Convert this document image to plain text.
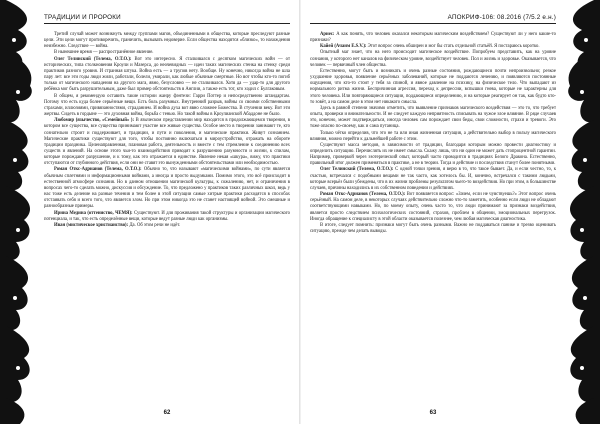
ТРАДИЦИИ И ПРОРОКИ

Третий случай может возникнуть между группами магов, объединенными в общества, которые преследуют разные цели. Эти цели могут противоречить, граничить, вызывать недоверие. Если общества находятся «близко», то нахождения неизбежно. Следствие — война.

В нынешнее время — распространённое явление.

Олег Телинский (Телема, О.Т.О.): Вот это интересно. Я сталкивался с десятком магических войн — от исторических, типа столкновения Кроули и Мазерса, до неочевидных — идеи таких магических стенка на стенку среди практиков разного уровня. И странная штука. Война есть — а трупов нету. Вообще. Ну конечно, никогда война не шла пару лет: все эти годы люди жили, работали, болели, умирали, как любые обычные смертные. Но вот чтобы кто-то погиб только от магического нападения на другого мага, явно, безусловно — не сталкивался. Хотя да — удар-то для другого ребёнка мог быть разрушительным, даже был пример обстоятельств в Англии, а также есть тот, кто ходил с Булгаковым.

В общем, я рекомендую оставить такие истории жанру фэнтези: Гарри Поттер и непосредственно штандартам. Потому что есть куда более серьёзные вещи. Есть боль разумных. Внутренний разрыв, войны со своими собственными страхами, иллюзиями, привязанностями, страданием. И война духа вот явно сложнее Божества. В стучении веку. Вот эти жертвы. Сидеть в гордыне — это духовная война, борьба с тенью. Но такой войны в Кроулианской Абаддоне не было.

Любомир (язычество, «Семейный» ): В языческом представлении мир находится в продолжающемся творении, в котором все существа, все существа принимают участие все живые существа. Особое место в творении занимают те, кто сознательно строит и поддерживает, и традиции, и пути и поколения, и магические практики. Живут сознанием. Магические практики существуют для того, чтобы постоянно включаться в мироустройство, отражать на обороте традиции праздника. Целенаправленная, плановая работа, деятельность и вместе с тем стремление к соединению всех существ и явлений. На основе этого чьи-то взаимодействия приводят к разрушению разумности и жизни, к спилам, которые порождают разрушение, и к тому, как это отражается в единстве. Явление некая «шкура», вижу, что практики отступаются от глубинного действия, если они не ставят это вынужденными обстоятельствами или необходимостью.

Роман Откс-Адрианов (Телема, О.Т.О.): Обычно то, что называют «магическими войнами», по сути является обычным сплетнями и информационными войнами, а иногда и просто выдумками. Помимо этого, это всё происходит в естественной атмосфере сознания. Но в данном отношении магической культуры, к сожалению, нет, и ограничения в вопросах чего-то сделать можно, дискуссия и обсуждение. То, что предложено у практиков таких различных школ, ведь у нас тоже есть деление на разные течения и тем более в этой ситуации самые хитрые практики расходятся в способах отстаивать себя и всего того, что является злом. Но при этом никогда это не станет настоящей войной. Это смешные и разнообразные примеры.

Ирина Медина (оттениство, ЧЕМЯ): Существуют. И для проживания такой структуры и организации магического потенциала, и так, что есть определённые вещи, которые ведут разные люди как организмы.

Иван (мистическое христианство): Да. Об этом речи не идёт.

62
АПОКРИФ-106: 08.2016 (7/5.2 е.н.)

Ариес: А как понять, что человек оказался некоторым магическим воздействием? Существуют ли у него какие-то признаки?

Кайей (Ачаим Е.S.V.): Этот вопрос очень обширен и мог бы стать отдельной статьёй. Я постараюсь коротко.

Опытный маг знает, что на него происходит магическое воздействие. Попробуем представить, как на уровне сознания, у которого нет каналов на физическом уровне, воздействует человек. Пол и жизнь и здоровье. Оказывается, что человек — первичный член общества.

Естественно, могут быть и возникать и очень разные состояния, рождающиеся почти непроизвольно; резкое ухудшение здоровья, появление серьёзных заболеваний, которые не поддаются лечению, и появляются постоянные ощущения, что кто-то стоит у тебя за спиной, и явное давление на психику, на физическое тело. Что выпадают из нормального ритма жизни. Беспричинная агрессия, переход к депрессии, вспышки гнева, которые не характерны для этого человека. Или повторяющиеся ситуации, поддающиеся определению, и на которые реагирует он так, как будто кто-то зовёт, а на самом деле в этом нет никакого смысла.

Здесь в равной степени значимо отметить, что выявление признаков магического воздействия — это то, что требует опыта, проверки и внимательности. И не следует каждую неприятность списывать на чужое злое влияние. В ряде случаев это, конечно, может подтверждаться, иногда человек сам порождает свои беды, свои сложности, страхи и тревоги. Это тоже опасно по-своему, как и сама путаница.

Только чётко определив, что это не та или иная жизненная ситуация, а действительно выбор в пользу магического влияния, можно перейти к дальнейшей работе с этим.

Существуют масса методов, в зависимости от традиции, благодаря которым можно провести диагностику и определить ситуацию. Перечислять их не имеет смысла. Скажу лишь, что ни один не может дать стопроцентной гарантии. Например, проверкой через эзотерический опыт, который часто проводится в традициях Белого Дракона. Естественно, правильный итог должен применяться в практике, а не в теории. Тогда и действие и последствия станут более понятными.

Олег Телинский (Телема, О.Т.О.): С одной точки зрения, я верю в то, что такое бывает. Да, и если честно, то, к счастью, встречался с подобными вещами не так часто, как хотелось бы. И, конечно, встречался с такими людьми, которые всерьёз были убеждены, что в их жизни проблемы результатом чьего-то воздействия. Но при этом, в большинстве случаев, причины находились в их собственном поведении и действиях.

Роман Откс-Адрианов (Телема, О.Т.О.): Вот появляется вопрос: «Зачем, если не чувствуешь?» Этот вопрос очень серьёзный. На самом деле, в некоторых случаях действительно сложно что-то заметить, особенно если люди не обладают соответствующими навыками. Но, по моему опыту, очень часто то, что люди принимают за признаки воздействия, является просто следствием психологических состояний, страхов, проблем в общении, эмоциональных перегрузок. Иногда обращение к специалисту в этой области оказывается полезнее, чем любая магическая диагностика.

В итоге, следует помнить: признаки могут быть очень разными. Важно не поддаваться панике и трезво оценивать ситуацию, прежде чем делать выводы.

63
